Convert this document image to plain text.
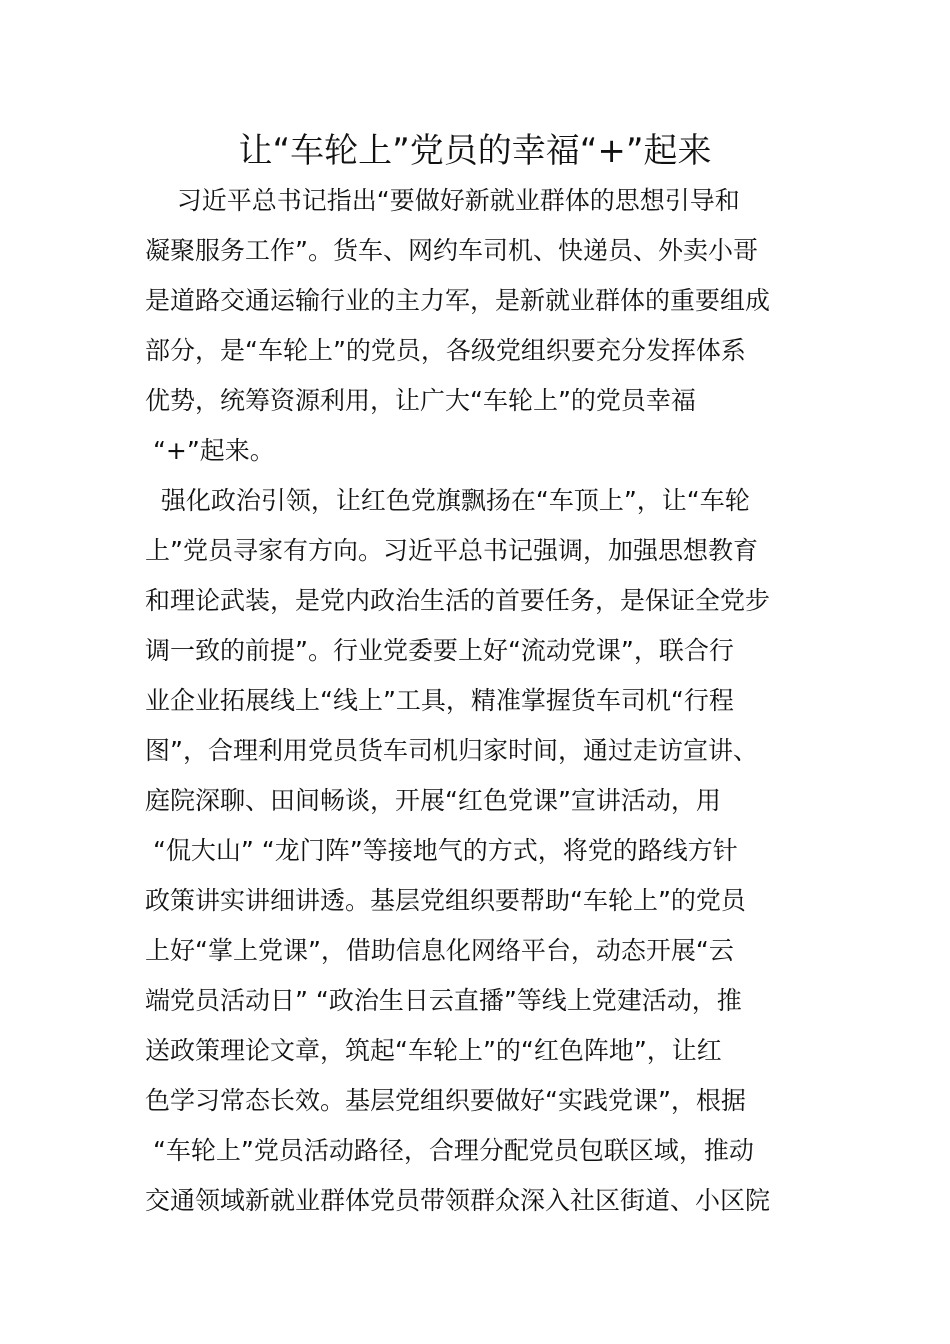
让“车轮上”党员的幸福“+”起来
习近平总书记指出“要做好新就业群体的思想引导和
凝聚服务工作”。货车、网约车司机、快递员、外卖小哥
是道路交通运输行业的主力军，是新就业群体的重要组成
部分，是“车轮上”的党员，各级党组织要充分发挥体系
优势，统筹资源利用，让广大“车轮上”的党员幸福
“+”起来。
强化政治引领，让红色党旗飘扬在“车顶上”，让“车轮
上”党员寻家有方向。习近平总书记强调，加强思想教育
和理论武装，是党内政治生活的首要任务，是保证全党步
调一致的前提”。行业党委要上好“流动党课”，联合行
业企业拓展线上“线上”工具，精准掌握货车司机“行程
图”，合理利用党员货车司机归家时间，通过走访宣讲、
庭院深聊、田间畅谈，开展“红色党课”宣讲活动，用
“侃大山” “龙门阵”等接地气的方式，将党的路线方针
政策讲实讲细讲透。基层党组织要帮助“车轮上”的党员
上好“掌上党课”，借助信息化网络平台，动态开展“云
端党员活动日” “政治生日云直播”等线上党建活动，推
送政策理论文章，筑起“车轮上”的“红色阵地”，让红
色学习常态长效。基层党组织要做好“实践党课”，根据
“车轮上”党员活动路径，合理分配党员包联区域，推动
交通领域新就业群体党员带领群众深入社区街道、小区院
